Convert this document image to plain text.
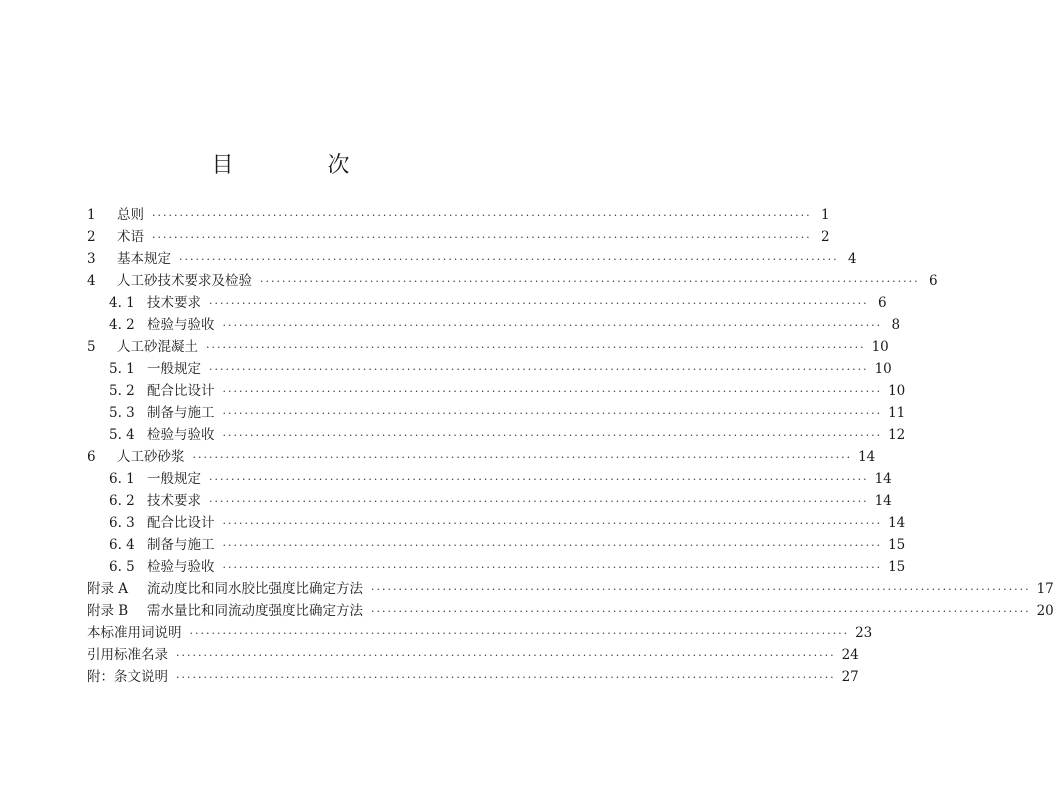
目　次
1	总则 ························································································································ 1
2	术语 ························································································································ 2
3	基本规定 ························································································································ 4
4	人工砂技术要求及检验 ························································································································ 6
4. 1 技术要求 ························································································································ 6
4. 2 检验与验收 ························································································································ 8
5	人工砂混凝土 ························································································································ 10
5. 1 一般规定 ························································································································ 10
5. 2 配合比设计 ························································································································ 10
5. 3 制备与施工 ························································································································ 11
5. 4 检验与验收 ························································································································ 12
6	人工砂砂浆 ························································································································ 14
6. 1 一般规定 ························································································································ 14
6. 2 技术要求 ························································································································ 14
6. 3 配合比设计 ························································································································ 14
6. 4 制备与施工 ························································································································ 15
6. 5 检验与验收 ························································································································ 15
附录 A	流动度比和同水胶比强度比确定方法 ························································································································ 17
附录 B	需水量比和同流动度强度比确定方法 ························································································································ 20
本标准用词说明 ························································································································ 23
引用标准名录 ························································································································ 24
附：条文说明 ························································································································ 27
